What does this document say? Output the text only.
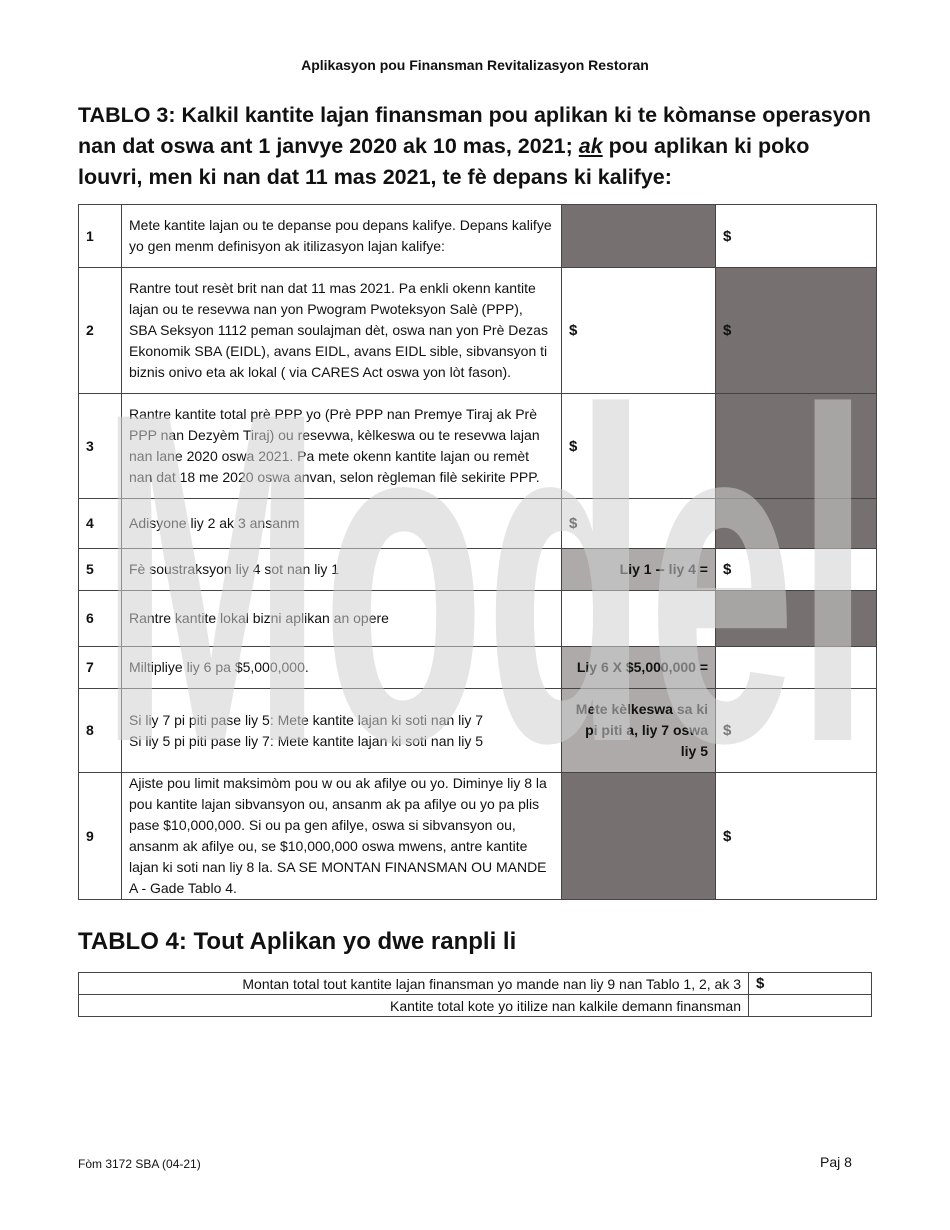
Aplikasyon pou Finansman Revitalizasyon Restoran
TABLO 3: Kalkil kantite lajan finansman pou aplikan ki te kòmanse operasyon nan dat oswa ant 1 janvye 2020 ak 10 mas, 2021; ak pou aplikan ki poko louvri, men ki nan dat 11 mas 2021, te fè depans ki kalifye:
1	Mete kantite lajan ou te depanse pou depans kalifye. Depans kalifye yo gen menm definisyon ak itilizasyon lajan kalifye:		$
2	Rantre tout resèt brit nan dat 11 mas 2021. Pa enkli okenn kantite lajan ou te resevwa nan yon Pwogram Pwoteksyon Salè (PPP), SBA Seksyon 1112 peman soulajman dèt, oswa nan yon Prè Dezas Ekonomik SBA (EIDL), avans EIDL, avans EIDL sible, sibvansyon ti biznis onivo eta ak lokal ( via CARES Act oswa yon lòt fason).	$	$
3	Rantre kantite total prè PPP yo (Prè PPP nan Premye Tiraj ak Prè PPP nan Dezyèm Tiraj) ou resevwa, kèlkeswa ou te resevwa lajan nan lane 2020 oswa 2021. Pa mete okenn kantite lajan ou remèt nan dat 18 me 2020 oswa anvan, selon règleman filè sekirite PPP.	$	
4	Adisyone liy 2 ak 3 ansanm	$	
5	Fè soustraksyon liy 4 sot nan liy 1	Liy 1 -- liy 4 =	$
6	Rantre kantite lokal bizni aplikan an opere		
7	Miltipliye liy 6 pa $5,000,000.	Liy 6 X $5,000,000 =	
8	Si liy 7 pi piti pase liy 5: Mete kantite lajan ki soti nan liy 7
Si liy 5 pi piti pase liy 7: Mete kantite lajan ki soti nan liy 5	Mete kèlkeswa sa ki pi piti a, liy 7 oswa liy 5	$
9	Ajiste pou limit maksimòm pou w ou ak afilye ou yo. Diminye liy 8 la pou kantite lajan sibvansyon ou, ansanm ak pa afilye ou yo pa plis pase $10,000,000. Si ou pa gen afilye, oswa si sibvansyon ou, ansanm ak afilye ou, se $10,000,000 oswa mwens, antre kantite lajan ki soti nan liy 8 la. SA SE MONTAN FINANSMAN OU MANDE A - Gade Tablo 4.		$
Model
TABLO 4: Tout Aplikan yo dwe ranpli li
Montan total tout kantite lajan finansman yo mande nan liy 9 nan Tablo 1, 2, ak 3	$
Kantite total kote yo itilize nan kalkile demann finansman	
Fòm 3172 SBA (04-21)	Paj 8
